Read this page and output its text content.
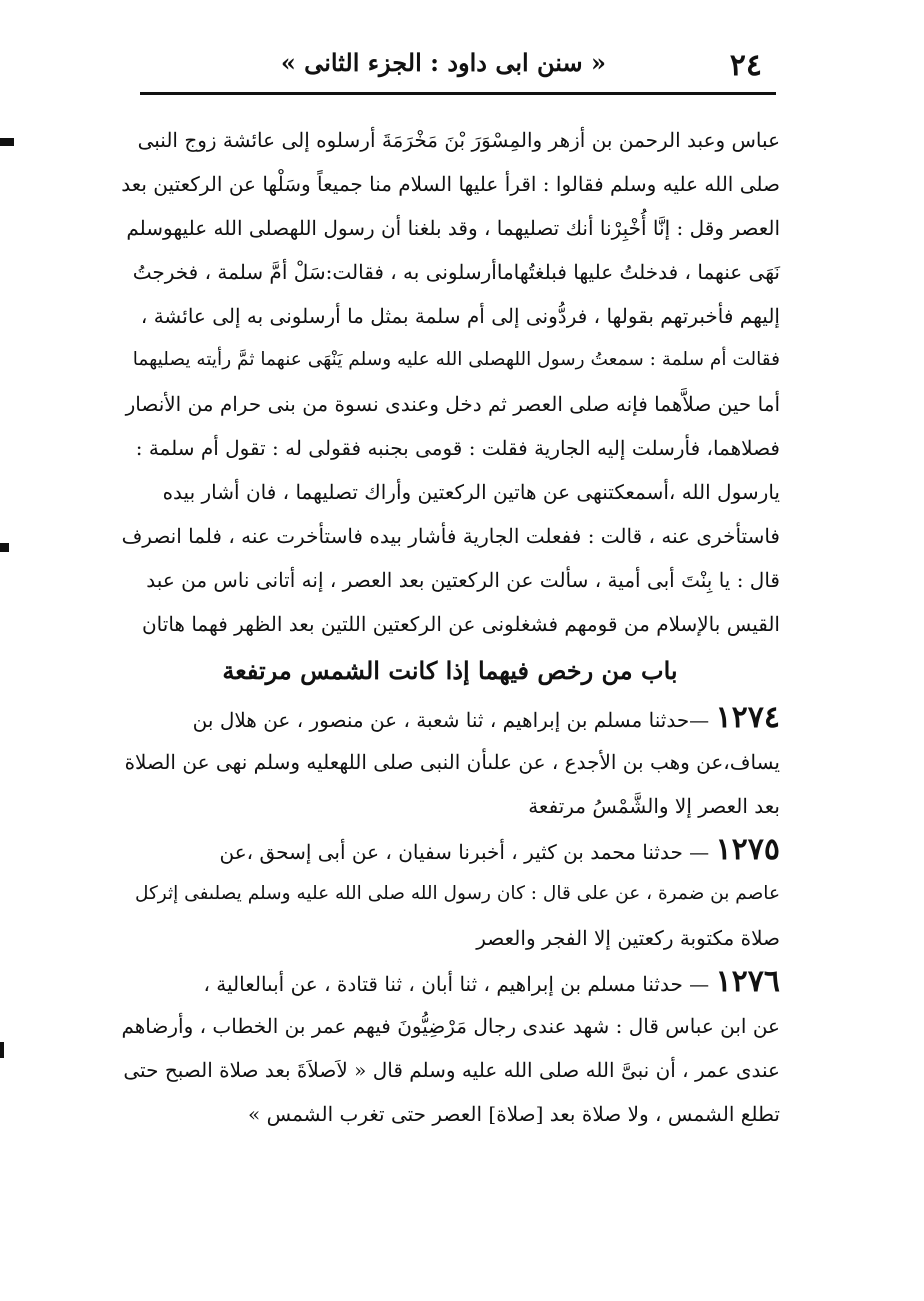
٢٤
« سنن ابى داود : الجزء الثانى »
عباس وعبد الرحمن بن أزهر والمِسْوَرَ بْنَ مَخْرَمَةَ أرسلوه إلى عائشة زوج النبى
صلى الله عليه وسلم فقالوا : اقرأ عليها السلام منا جميعاً وسَلْها عن الركعتين بعد
العصر وقل : إنَّا أُخْبِرْنا أنك تصليهما ، وقد بلغنا أن رسول اللهصلى الله عليهوسلم
نَهَى عنهما ، فدخلتُ عليها فبلغتُهاماأرسلونى به ، فقالت:سَلْ أمَّ سلمة ، فخرجتُ
إليهم فأخبرتهم بقولها ، فردُّونى إلى أم سلمة بمثل ما أرسلونى به إلى عائشة ،
فقالت أم سلمة : سمعتُ رسول اللهصلى الله عليه وسلم يَنْهَى عنهما ثمَّ رأيته يصليهما
أما حين صلاَّهما فإنه صلى العصر ثم دخل وعندى نسوة من بنى حرام من الأنصار
فصلاهما، فأرسلت إليه الجارية فقلت : قومى بجنبه فقولى له : تقول أم سلمة :
يارسول الله ،أسمعكتنهى عن هاتين الركعتين وأراك تصليهما ، فان أشار بيده
فاستأخرى عنه ، قالت : ففعلت الجارية فأشار بيده فاستأخرت عنه ، فلما انصرف
قال : يا بِنْتَ أبى أمية ، سألت عن الركعتين بعد العصر ، إنه أتانى ناس من عبد
القيس بالإسلام من قومهم فشغلونى عن الركعتين اللتين بعد الظهر فهما هاتان
باب من رخص فيهما إذا كانت الشمس مرتفعة
١٢٧٤ —حدثنا مسلم بن إبراهيم ، ثنا شعبة ، عن منصور ، عن هلال بن
يساف،عن وهب بن الأجدع ، عن علىأن النبى صلى اللهعليه وسلم نهى عن الصلاة
بعد العصر إلا والشَّمْسُ مرتفعة
١٢٧٥ — حدثنا محمد بن كثير ، أخبرنا سفيان ، عن أبى إسحق ،عن
عاصم بن ضمرة ، عن على قال : كان رسول الله صلى الله عليه وسلم يصلىفى إثركل
صلاة مكتوبة ركعتين إلا الفجر والعصر
١٢٧٦ — حدثنا مسلم بن إبراهيم ، ثنا أبان ، ثنا قتادة ، عن أبىالعالية ،
عن ابن عباس قال : شهد عندى رجال مَرْضِيُّونَ فيهم عمر بن الخطاب ، وأرضاهم
عندى عمر ، أن نبىَّ الله صلى الله عليه وسلم قال « لاَصلاَةَ بعد صلاة الصبح حتى
تطلع الشمس ، ولا صلاة بعد [صلاة] العصر حتى تغرب الشمس »
